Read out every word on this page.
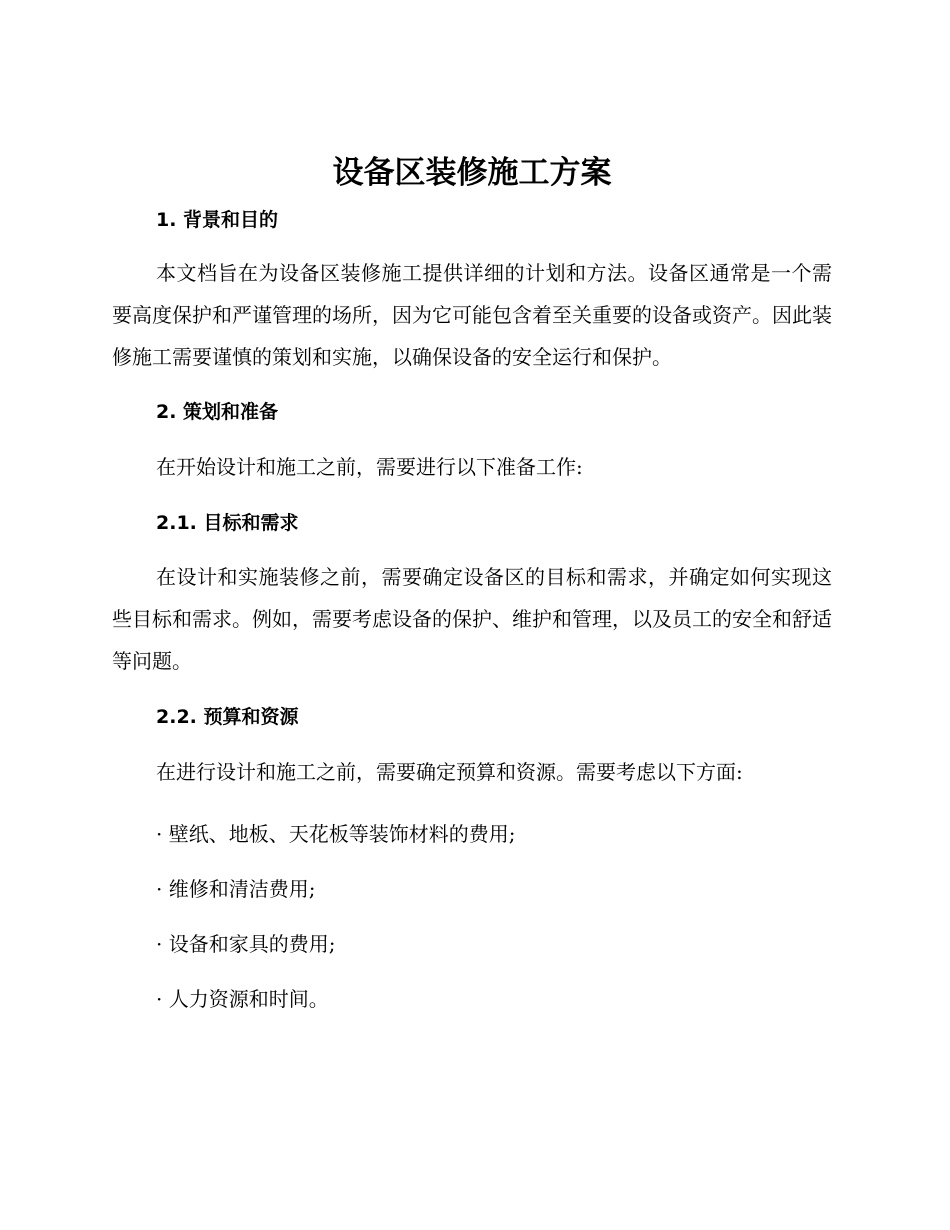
设备区装修施工方案
1. 背景和目的

本文档旨在为设备区装修施工提供详细的计划和方法。设备区通常是一个需要高度保护和严谨管理的场所，因为它可能包含着至关重要的设备或资产。因此装修施工需要谨慎的策划和实施，以确保设备的安全运行和保护。

2. 策划和准备

在开始设计和施工之前，需要进行以下准备工作:

2.1. 目标和需求

在设计和实施装修之前，需要确定设备区的目标和需求，并确定如何实现这些目标和需求。例如，需要考虑设备的保护、维护和管理，以及员工的安全和舒适等问题。

2.2. 预算和资源

在进行设计和施工之前，需要确定预算和资源。需要考虑以下方面:

· 壁纸、地板、天花板等装饰材料的费用;

· 维修和清洁费用;

· 设备和家具的费用;

· 人力资源和时间。
